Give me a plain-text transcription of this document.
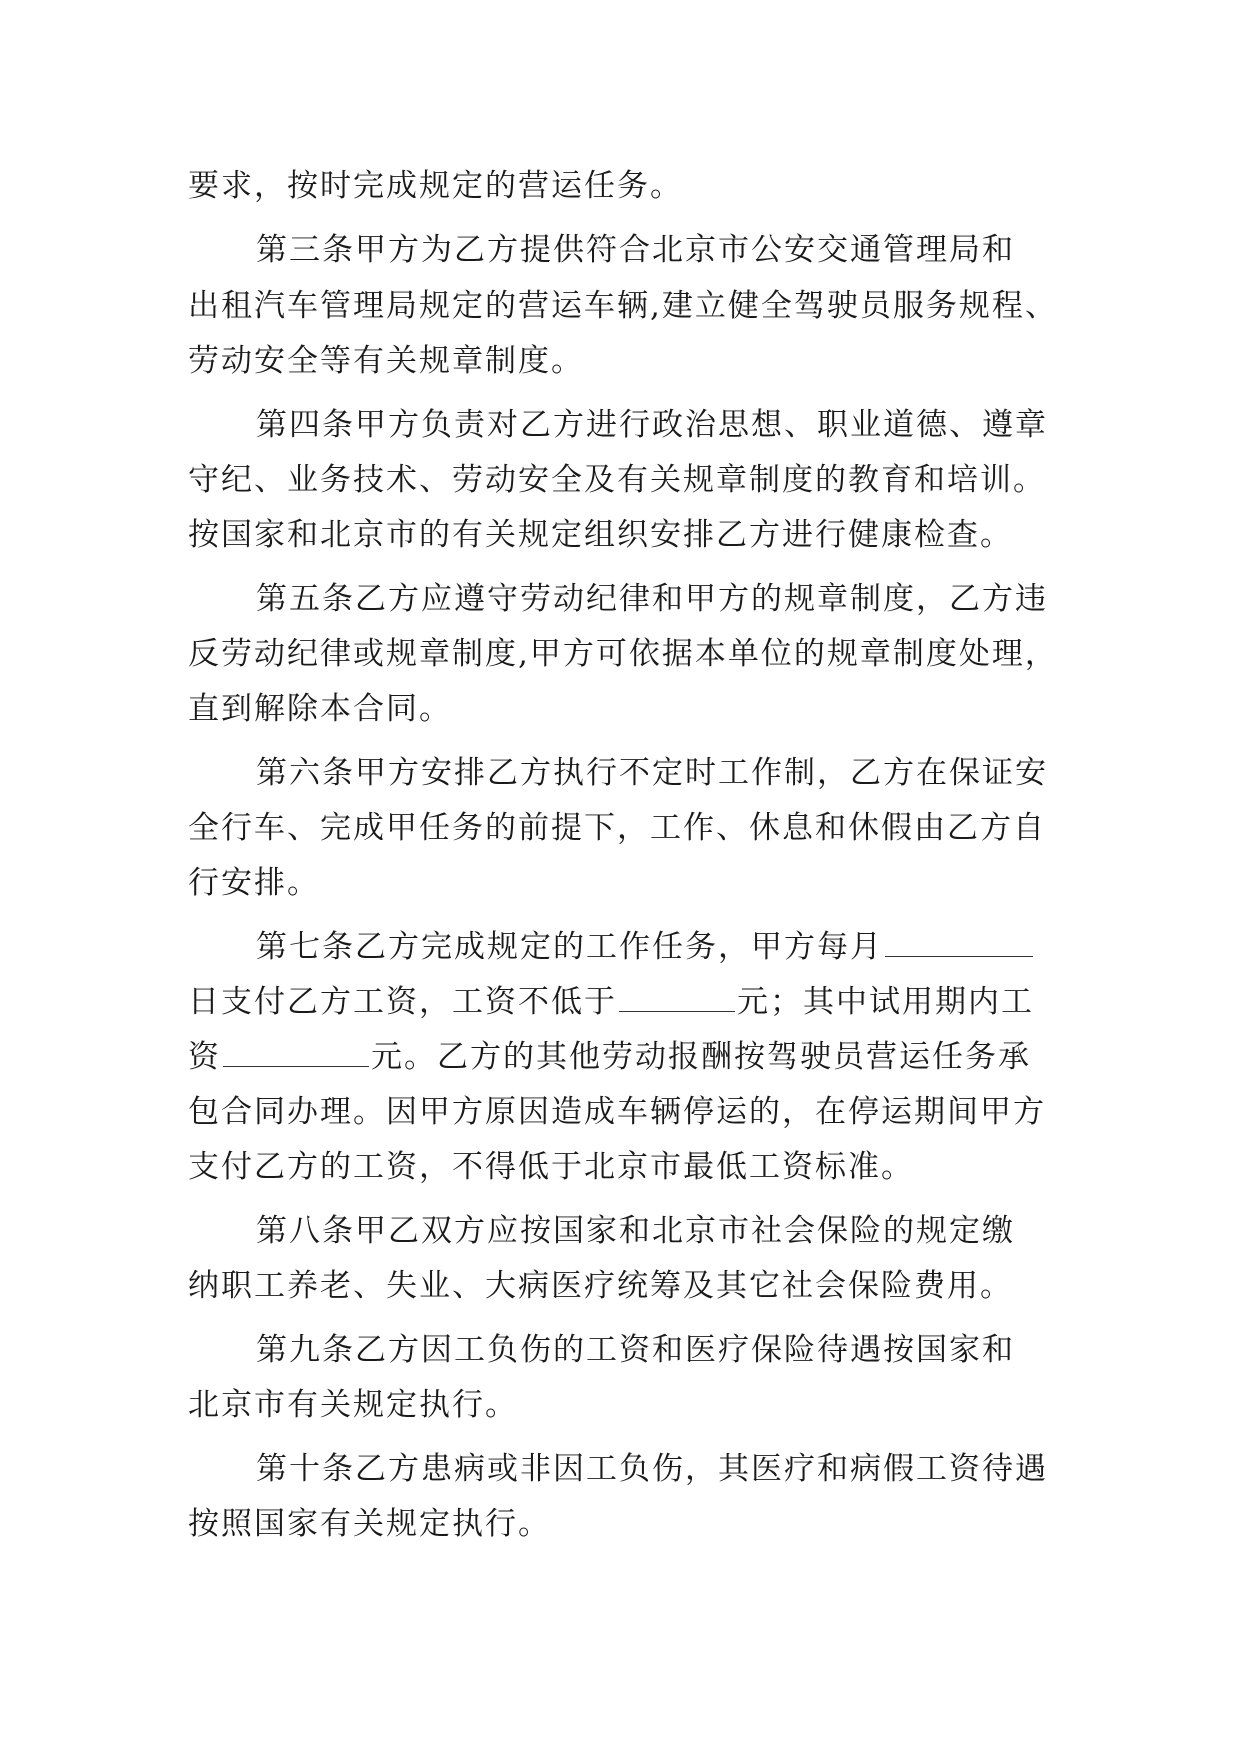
要求，按时完成规定的营运任务。
第三条甲方为乙方提供符合北京市公安交通管理局和
出租汽车管理局规定的营运车辆,建立健全驾驶员服务规程、
劳动安全等有关规章制度。
第四条甲方负责对乙方进行政治思想、职业道德、遵章
守纪、业务技术、劳动安全及有关规章制度的教育和培训。
按国家和北京市的有关规定组织安排乙方进行健康检查。
第五条乙方应遵守劳动纪律和甲方的规章制度，乙方违
反劳动纪律或规章制度,甲方可依据本单位的规章制度处理，
直到解除本合同。
第六条甲方安排乙方执行不定时工作制，乙方在保证安
全行车、完成甲任务的前提下，工作、休息和休假由乙方自
行安排。
第七条乙方完成规定的工作任务，甲方每月
日支付乙方工资，工资不低于	元；其中试用期内工
资	元。乙方的其他劳动报酬按驾驶员营运任务承
包合同办理。因甲方原因造成车辆停运的，在停运期间甲方
支付乙方的工资，不得低于北京市最低工资标准。
第八条甲乙双方应按国家和北京市社会保险的规定缴
纳职工养老、失业、大病医疗统筹及其它社会保险费用。
第九条乙方因工负伤的工资和医疗保险待遇按国家和
北京市有关规定执行。
第十条乙方患病或非因工负伤，其医疗和病假工资待遇
按照国家有关规定执行。
